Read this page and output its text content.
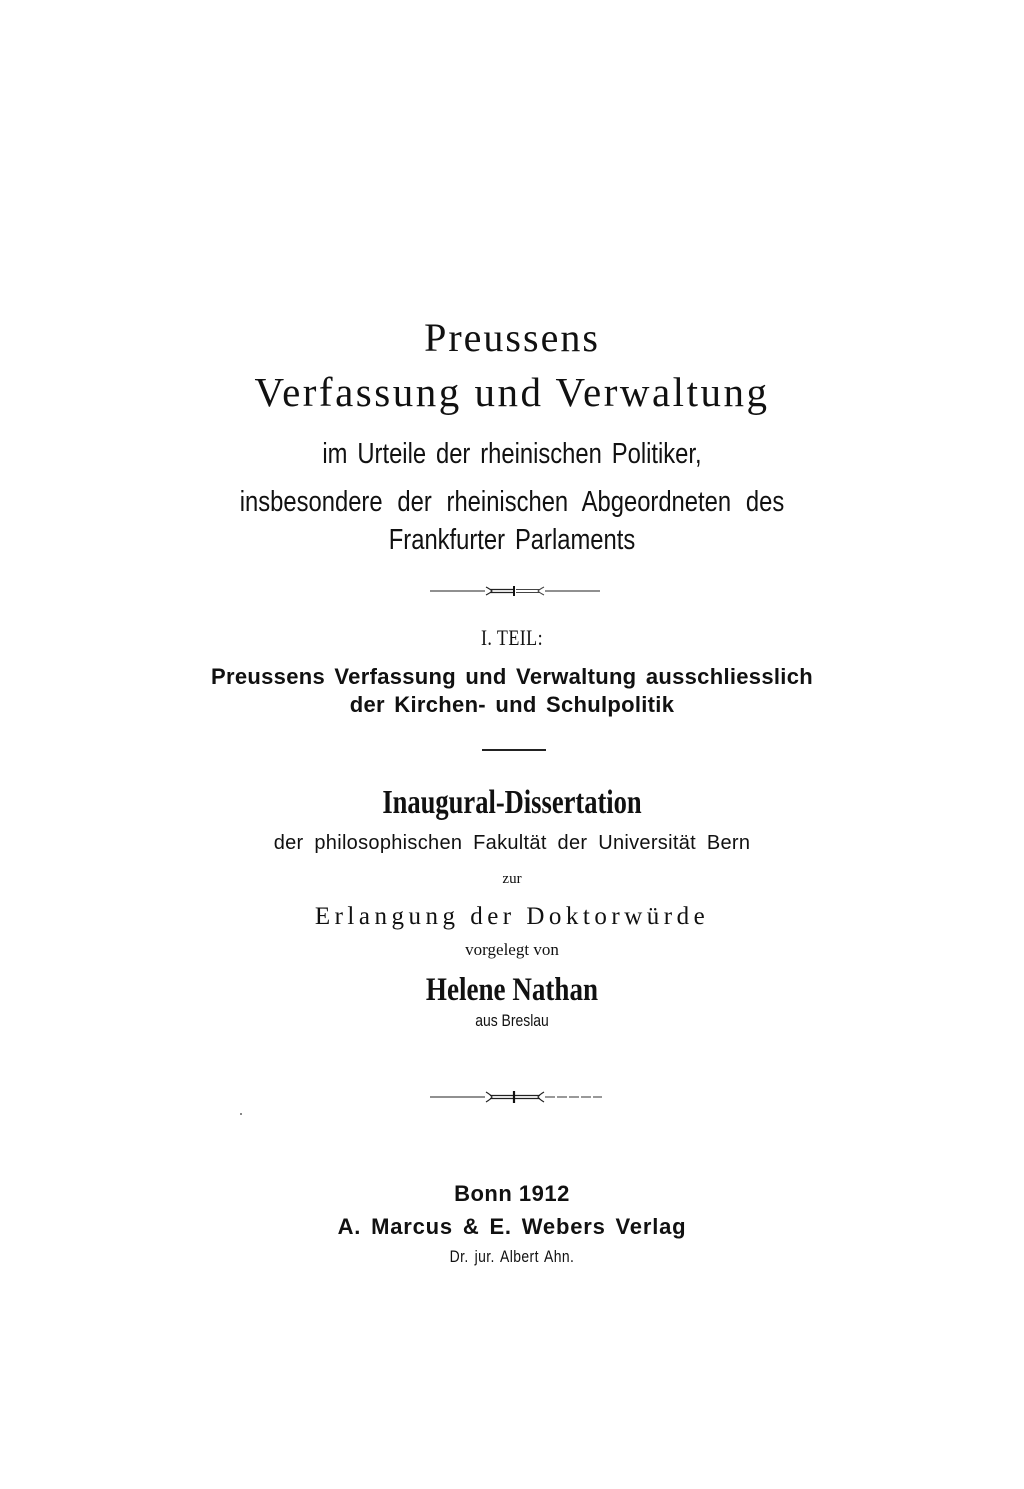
Preussens
Verfassung und Verwaltung
im Urteile der rheinischen Politiker,
insbesondere der rheinischen Abgeordneten des
Frankfurter Parlaments
I. TEIL:
Preussens Verfassung und Verwaltung ausschliesslich
der Kirchen- und Schulpolitik
Inaugural-Dissertation
der philosophischen Fakultät der Universität Bern
zur
Erlangung der Doktorwürde
vorgelegt von
Helene Nathan
aus Breslau
Bonn 1912
A. Marcus & E. Webers Verlag
Dr. jur. Albert Ahn.
